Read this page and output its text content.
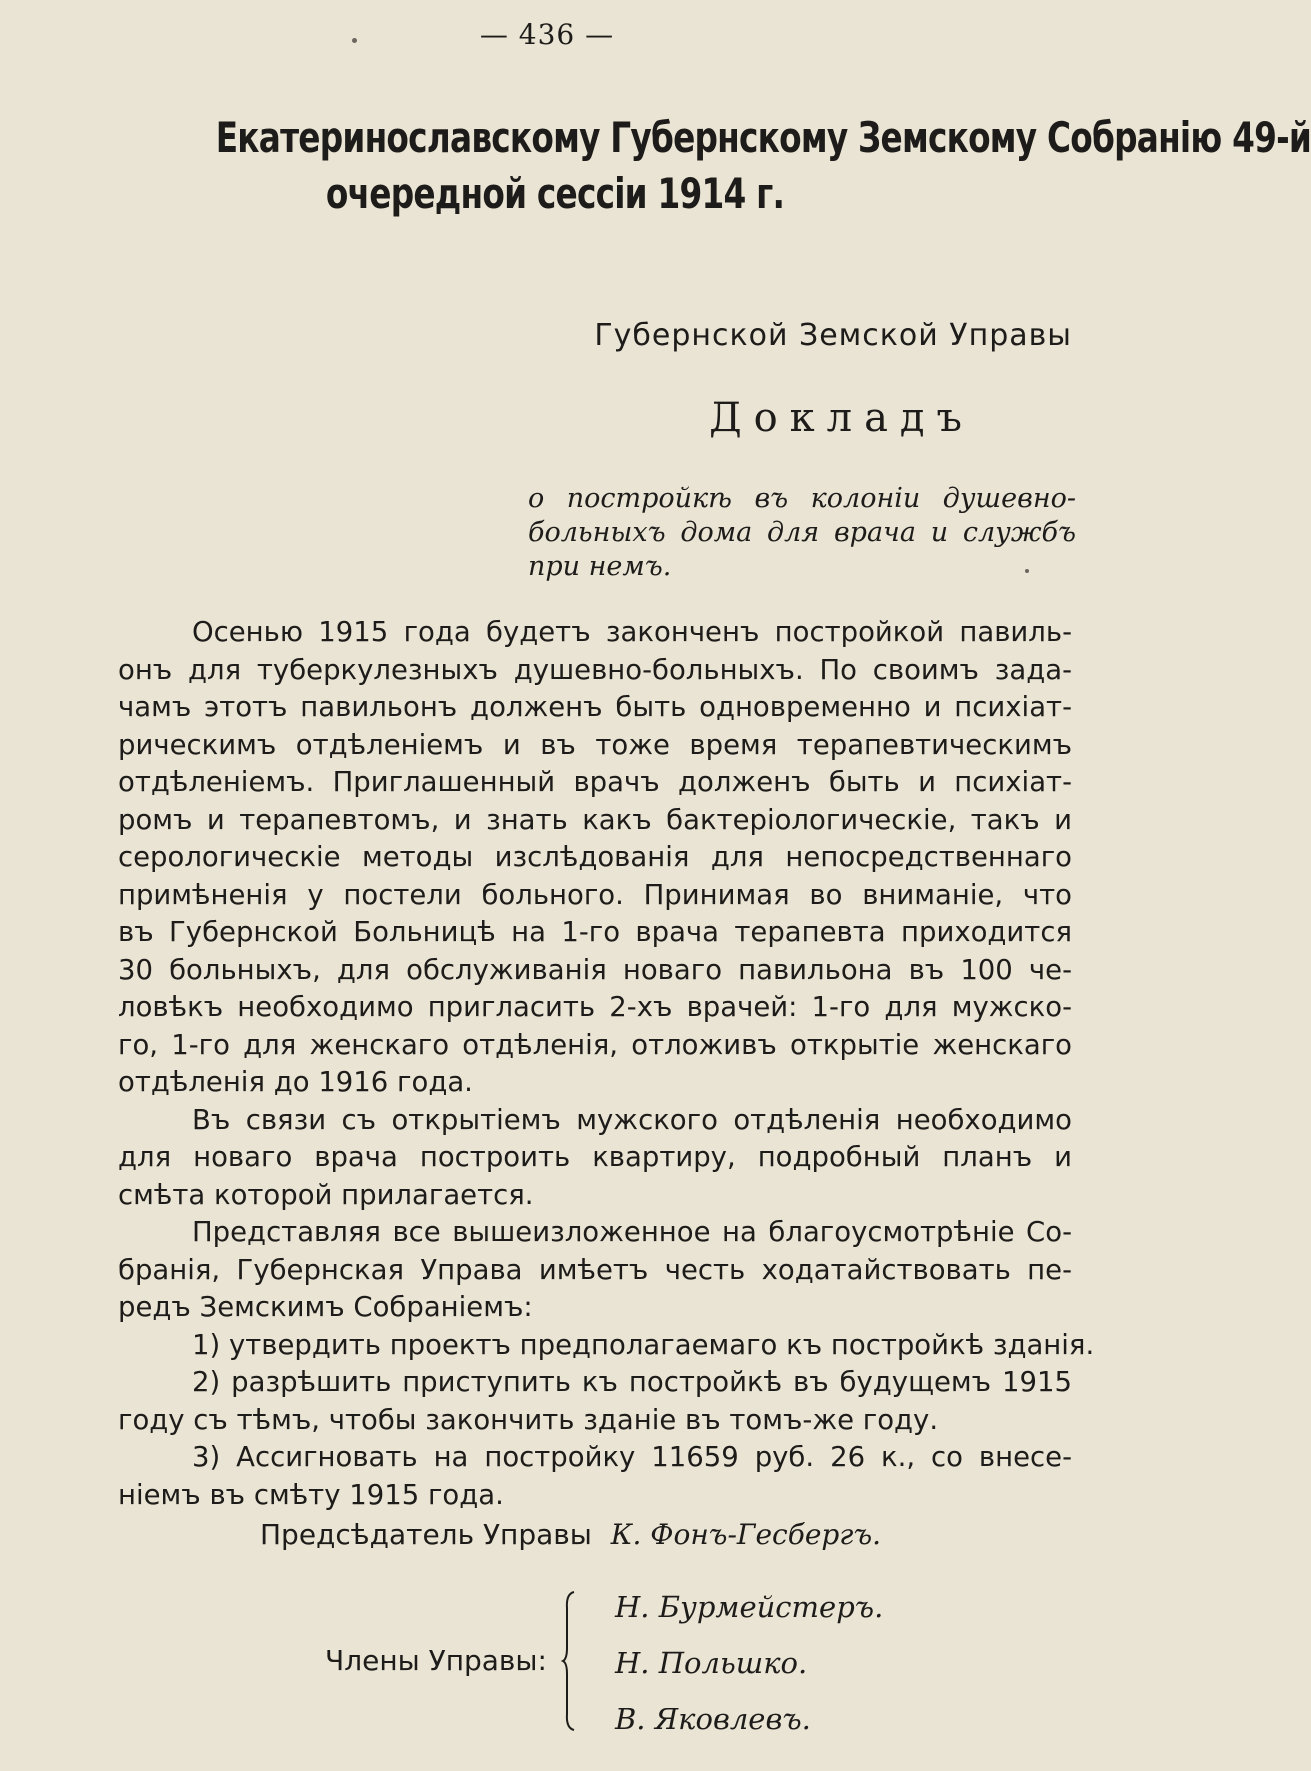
— 436 —
Екатеринославскому Губернскому Земскому Собранію 49-й
очередной сессіи 1914 г.
Губернской Земской Управы
Докладъ
о постройкѣ въ колоніи душевно-
больныхъ дома для врача и службъ
при немъ.
Осенью 1915 года будетъ законченъ постройкой павиль-
онъ для туберкулезныхъ душевно-больныхъ. По своимъ зада-
чамъ этотъ павильонъ долженъ быть одновременно и психіат-
рическимъ отдѣленіемъ и въ тоже время терапевтическимъ
отдѣленіемъ. Приглашенный врачъ долженъ быть и психіат-
ромъ и терапевтомъ, и знать какъ бактеріологическіе, такъ и
серологическіе методы изслѣдованія для непосредственнаго
примѣненія у постели больного. Принимая во вниманіе, что
въ Губернской Больницѣ на 1-го врача терапевта приходится
30 больныхъ, для обслуживанія новаго павильона въ 100 че-
ловѣкъ необходимо пригласить 2-хъ врачей: 1-го для мужско-
го, 1-го для женскаго отдѣленія, отложивъ открытіе женскаго
отдѣленія до 1916 года.
Въ связи съ открытіемъ мужского отдѣленія необходимо
для новаго врача построить квартиру, подробный планъ и
смѣта которой прилагается.
Представляя все вышеизложенное на благоусмотрѣніе Со-
бранія, Губернская Управа имѣетъ честь ходатайствовать пе-
редъ Земскимъ Собраніемъ:
1) утвердить проектъ предполагаемаго къ постройкѣ зданія.
2) разрѣшить приступить къ постройкѣ въ будущемъ 1915
году съ тѣмъ, чтобы закончить зданіе въ томъ-же году.
3) Ассигновать на постройку 11659 руб. 26 к., со внесе-
ніемъ въ смѣту 1915 года.
Предсѣдатель Управы К. Фонъ-Гесбергъ.
Члены Управы:
Н. Бурмейстеръ.
Н. Польшко.
В. Яковлевъ.
